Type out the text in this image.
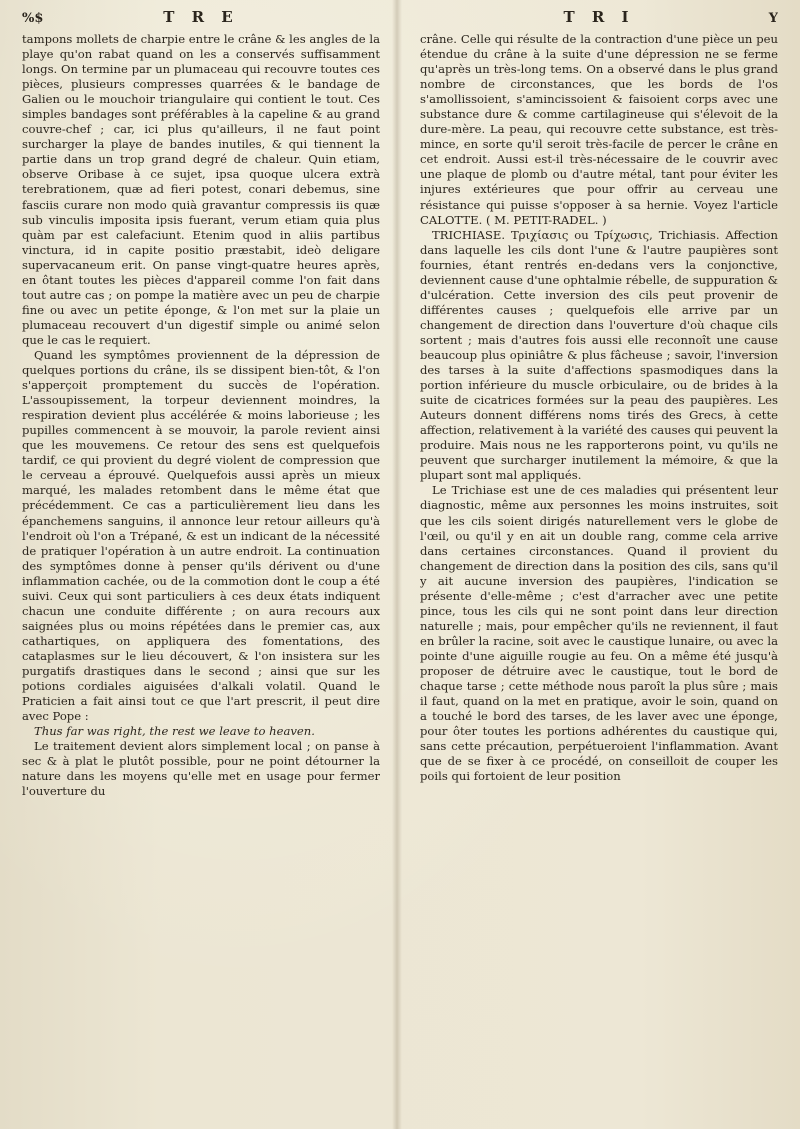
%$	T R E

tampons mollets de charpie entre le crâne & les angles de la playe qu'on rabat quand on les a conservés suffisamment longs. On termine par un plumaceau qui recouvre toutes ces pièces, plusieurs compresses quarrées & le bandage de Galien ou le mouchoir triangulaire qui contient le tout. Ces simples bandages sont préférables à la capeline & au grand couvre-chef ; car, ici plus qu'ailleurs, il ne faut point surcharger la playe de bandes inutiles, & qui tiennent la partie dans un trop grand degré de chaleur. Quin etiam, observe Oribase à ce sujet, ipsa quoque ulcera extrà terebrationem, quæ ad fieri potest, conari debemus, sine fasciis curare non modo quià gravantur compressis iis quæ sub vinculis imposita ipsis fuerant, verum etiam quia plus quàm par est calefaciunt. Etenim quod in aliis partibus vinctura, id in capite positio præstabit, ideò deligare supervacaneum erit. On panse vingt-quatre heures après, en ôtant toutes les pièces d'appareil comme l'on fait dans tout autre cas ; on pompe la matière avec un peu de charpie fine ou avec un petite éponge, & l'on met sur la plaie un plumaceau recouvert d'un digestif simple ou animé selon que le cas le requiert.

Quand les symptômes proviennent de la dépression de quelques portions du crâne, ils se dissipent bien-tôt, & l'on s'apperçoit promptement du succès de l'opération. L'assoupissement, la torpeur deviennent moindres, la respiration devient plus accélérée & moins laborieuse ; les pupilles commencent à se mouvoir, la parole revient ainsi que les mouvemens. Ce retour des sens est quelquefois tardif, ce qui provient du degré violent de compression que le cerveau a éprouvé. Quelquefois aussi après un mieux marqué, les malades retombent dans le même état que précédemment. Ce cas a particulièrement lieu dans les épanchemens sanguins, il annonce leur retour ailleurs qu'à l'endroit où l'on a Trépané, & est un indicant de la nécessité de pratiquer l'opération à un autre endroit. La continuation des symptômes donne à penser qu'ils dérivent ou d'une inflammation cachée, ou de la commotion dont le coup a été suivi. Ceux qui sont particuliers à ces deux états indiquent chacun une conduite différente ; on aura recours aux saignées plus ou moins répétées dans le premier cas, aux cathartiques, on appliquera des fomentations, des cataplasmes sur le lieu découvert, & l'on insistera sur les purgatifs drastiques dans le second ; ainsi que sur les potions cordiales aiguisées d'alkali volatil. Quand le Praticien a fait ainsi tout ce que l'art prescrit, il peut dire avec Pope :

Thus far was right, the rest we leave to heaven.

Le traitement devient alors simplement local ; on panse à sec & à plat le plutôt possible, pour ne point détourner la nature dans les moyens qu'elle met en usage pour fermer l'ouverture du

T R I	Y

crâne. Celle qui résulte de la contraction d'une pièce un peu étendue du crâne à la suite d'une dépression ne se ferme qu'après un très-long tems. On a observé dans le plus grand nombre de circonstances, que les bords de l'os s'amollissoient, s'amincissoient & faisoient corps avec une substance dure & comme cartilagineuse qui s'élevoit de la dure-mère. La peau, qui recouvre cette substance, est très-mince, en sorte qu'il seroit très-facile de percer le crâne en cet endroit. Aussi est-il très-nécessaire de le couvrir avec une plaque de plomb ou d'autre métal, tant pour éviter les injures extérieures que pour offrir au cerveau une résistance qui puisse s'opposer à sa hernie. Voyez l'article CALOTTE. ( M. PETIT-RADEL. )

TRICHIASE. Τριχίασις ou Τρίχωσις, Trichiasis. Affection dans laquelle les cils dont l'une & l'autre paupières sont fournies, étant rentrés en-dedans vers la conjonctive, deviennent cause d'une ophtalmie rébelle, de suppuration & d'ulcération. Cette inversion des cils peut provenir de différentes causes ; quelquefois elle arrive par un changement de direction dans l'ouverture d'où chaque cils sortent ; mais d'autres fois aussi elle reconnoît une cause beaucoup plus opiniâtre & plus fâcheuse ; savoir, l'inversion des tarses à la suite d'affections spasmodiques dans la portion inférieure du muscle orbiculaire, ou de brides à la suite de cicatrices formées sur la peau des paupières. Les Auteurs donnent différens noms tirés des Grecs, à cette affection, relativement à la variété des causes qui peuvent la produire. Mais nous ne les rapporterons point, vu qu'ils ne peuvent que surcharger inutilement la mémoire, & que la plupart sont mal appliqués.

Le Trichiase est une de ces maladies qui présentent leur diagnostic, même aux personnes les moins instruites, soit que les cils soient dirigés naturellement vers le globe de l'œil, ou qu'il y en ait un double rang, comme cela arrive dans certaines circonstances. Quand il provient du changement de direction dans la position des cils, sans qu'il y ait aucune inversion des paupières, l'indication se présente d'elle-même ; c'est d'arracher avec une petite pince, tous les cils qui ne sont point dans leur direction naturelle ; mais, pour empêcher qu'ils ne reviennent, il faut en brûler la racine, soit avec le caustique lunaire, ou avec la pointe d'une aiguille rougie au feu. On a même été jusqu'à proposer de détruire avec le caustique, tout le bord de chaque tarse ; cette méthode nous paroît la plus sûre ; mais il faut, quand on la met en pratique, avoir le soin, quand on a touché le bord des tarses, de les laver avec une éponge, pour ôter toutes les portions adhérentes du caustique qui, sans cette précaution, perpétueroient l'inflammation. Avant que de se fixer à ce procédé, on conseilloit de couper les poils qui fortoient de leur position
